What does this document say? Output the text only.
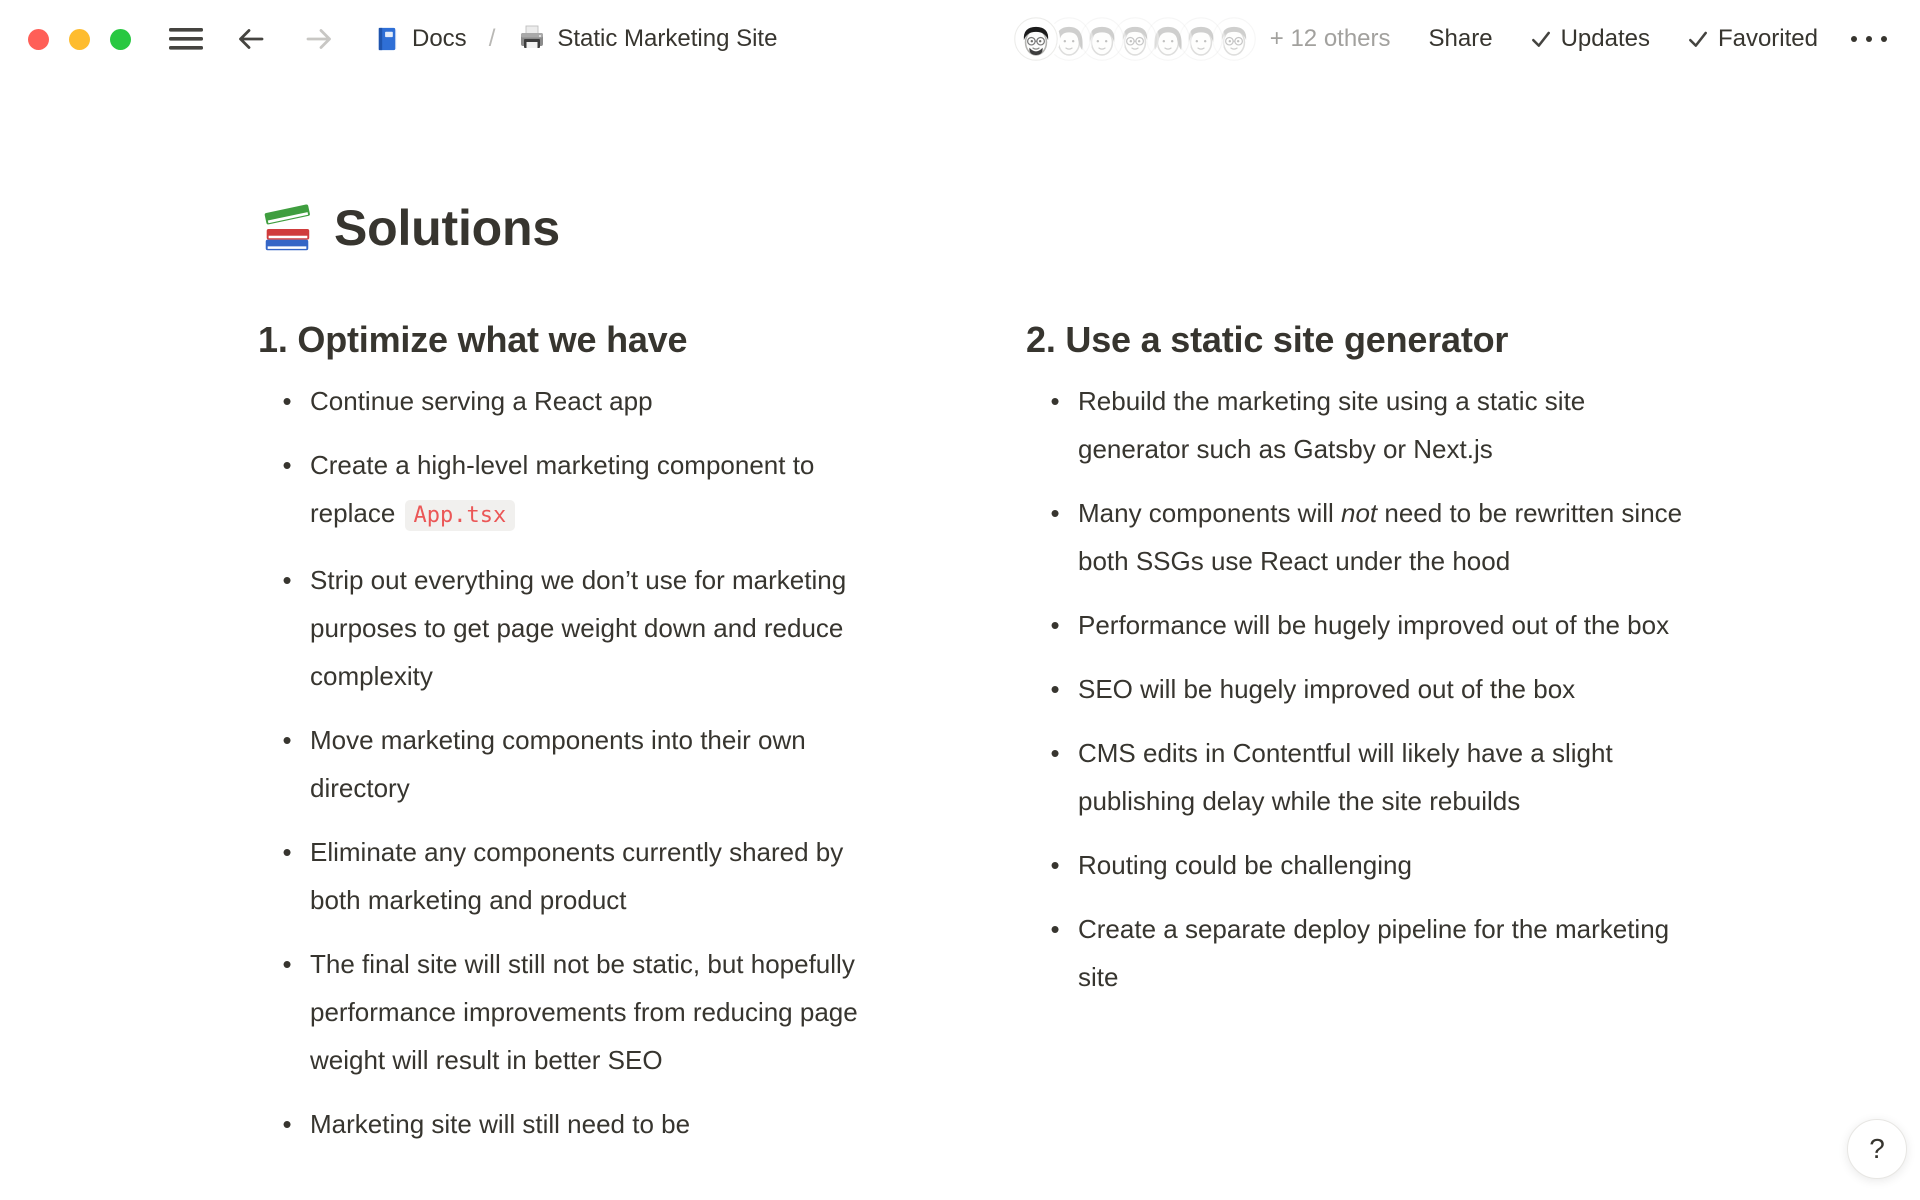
Docs /	Static Marketing Site	+ 12 others Share	Updates	Favorited
Solutions
1. Optimize what we have
• Continue serving a React app
• Create a high-level marketing component to replace App.tsx
• Strip out everything we don’t use for marketing purposes to get page weight down and reduce complexity
• Move marketing components into their own directory
• Eliminate any components currently shared by both marketing and product
• The final site will still not be static, but hopefully performance improvements from reducing page weight will result in better SEO
• Marketing site will still need to be
2. Use a static site generator
• Rebuild the marketing site using a static site generator such as Gatsby or Next.js
• Many components will not need to be rewritten since both SSGs use React under the hood
• Performance will be hugely improved out of the box
• SEO will be hugely improved out of the box
• CMS edits in Contentful will likely have a slight publishing delay while the site rebuilds
• Routing could be challenging
• Create a separate deploy pipeline for the marketing site
?
